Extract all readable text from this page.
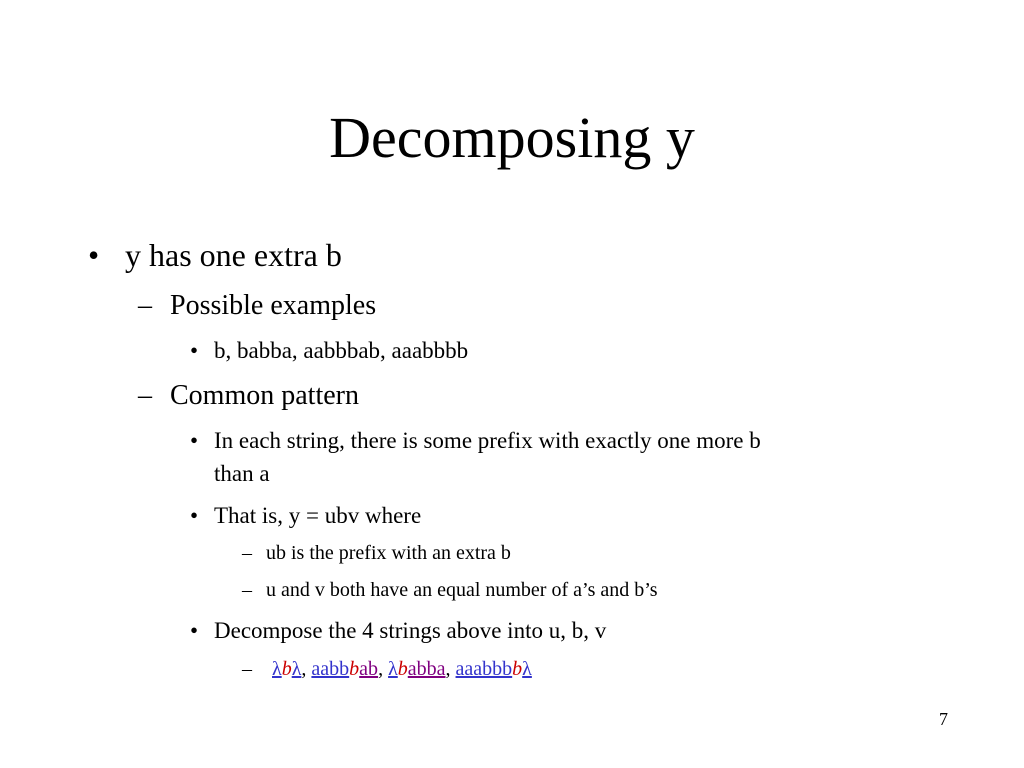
Decomposing y
• y has one extra b
– Possible examples
• b, babba, aabbbab, aaabbbb
– Common pattern
• In each string, there is some prefix with exactly one more b
than a
• That is, y = ubv where
– ub is the prefix with an extra b
– u and v both have an equal number of a’s and b’s
• Decompose the 4 strings above into u, b, v
– λbλ, aabbbab, λbabba, aaabbbbλ
7
